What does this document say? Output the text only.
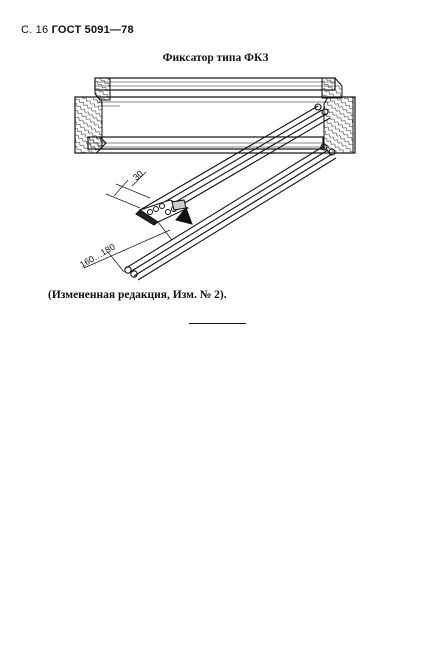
С. 16 ГОСТ 5091—78
Фиксатор типа ФКЗ
30
160…180
(Измененная редакция, Изм. № 2).
